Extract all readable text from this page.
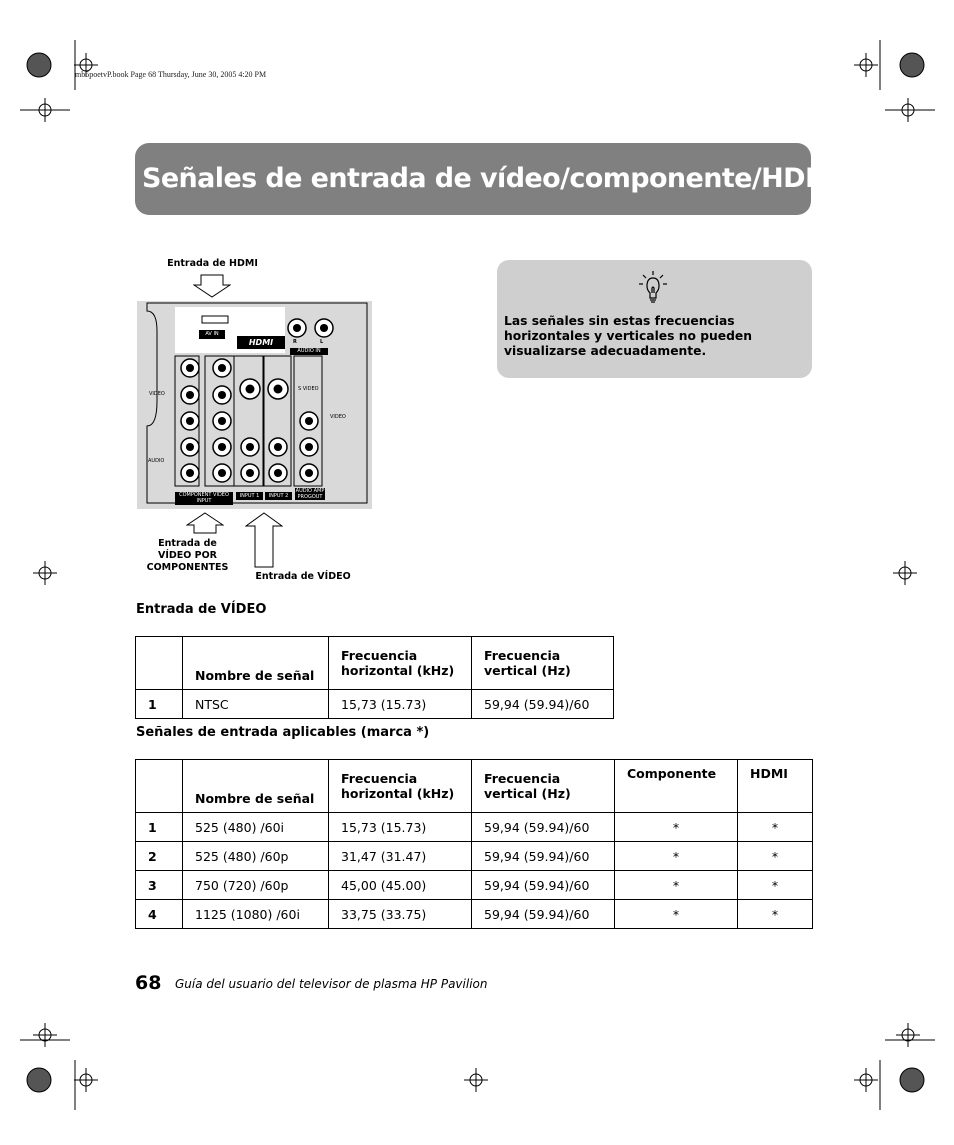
mb5poetvP.book Page 68 Thursday, June 30, 2005 4:20 PM
Señales de entrada de vídeo/componente/HDMI
Entrada de HDMI
AV IN
HDMI
AUDIO IN
R	L
VIDEO
AUDIO
S VIDEO
VIDEO
COMPONENT VIDEO INPUT
INPUT 1	INPUT 2
AUDIO AMP PROGOUT
Entrada de VÍDEO POR COMPONENTES
Entrada de VÍDEO

Las señales sin estas frecuencias horizontales y verticales no pueden visualizarse adecuadamente.

Entrada de VÍDEO
	Nombre de señal	Frecuencia horizontal (kHz)	Frecuencia vertical (Hz)
1	NTSC	15,73 (15.73)	59,94 (59.94)/60
Señales de entrada aplicables (marca *)
	Nombre de señal	Frecuencia horizontal (kHz)	Frecuencia vertical (Hz)	Componente	HDMI
1	525 (480) /60i	15,73 (15.73)	59,94 (59.94)/60	*	*
2	525 (480) /60p	31,47 (31.47)	59,94 (59.94)/60	*	*
3	750 (720) /60p	45,00 (45.00)	59,94 (59.94)/60	*	*
4	1125 (1080) /60i	33,75 (33.75)	59,94 (59.94)/60	*	*
68 Guía del usuario del televisor de plasma HP Pavilion
